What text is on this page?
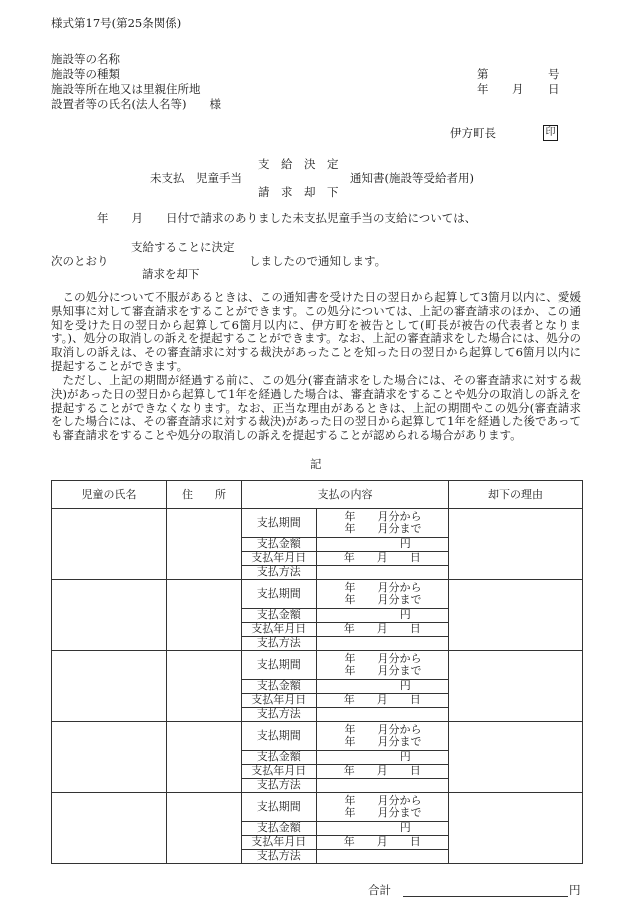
様式第17号(第25条関係)
施設等の名称
施設等の種類
施設等所在地又は里親住所地
設置者等の氏名(法人名等)　　様
第	号
年 月 日
伊方町長	印
支　給　決　定
未支払　児童手当	通知書(施設等受給者用)
請　求　却　下
年　　月　　日付で請求のありました未支払児童手当の支給については、
支給することに決定
次のとおり	しましたので通知します。
請求を却下
この処分について不服があるときは、この通知書を受けた日の翌日から起算して3箇月以内に、愛媛県知事に対して審査請求をすることができます。この処分については、上記の審査請求のほか、この通知を受けた日の翌日から起算して6箇月以内に、伊方町を被告として(町長が被告の代表者となります。)、処分の取消しの訴えを提起することができます。なお、上記の審査請求をした場合には、処分の取消しの訴えは、その審査請求に対する裁決があったことを知った日の翌日から起算して6箇月以内に提起することができます。
ただし、上記の期間が経過する前に、この処分(審査請求をした場合には、その審査請求に対する裁決)があった日の翌日から起算して1年を経過した場合は、審査請求をすることや処分の取消しの訴えを提起することができなくなります。なお、正当な理由があるときは、上記の期間やこの処分(審査請求をした場合には、その審査請求に対する裁決)があった日の翌日から起算して1年を経過した後であっても審査請求をすることや処分の取消しの訴えを提起することが認められる場合があります。
記
児童の氏名	住　　所	支払の内容	却下の理由

支払期間	年　　月分から
年　　月分まで

支払金額	円
支払年月日	年　　月　　日
支払方法	

支払期間	年　　月分から
年　　月分まで

支払金額	円
支払年月日	年　　月　　日
支払方法	

支払期間	年　　月分から
年　　月分まで

支払金額	円
支払年月日	年　　月　　日
支払方法	

支払期間	年　　月分から
年　　月分まで

支払金額	円
支払年月日	年　　月　　日
支払方法	

支払期間	年　　月分から
年　　月分まで

支払金額	円
支払年月日	年　　月　　日
支払方法	

合計	円
